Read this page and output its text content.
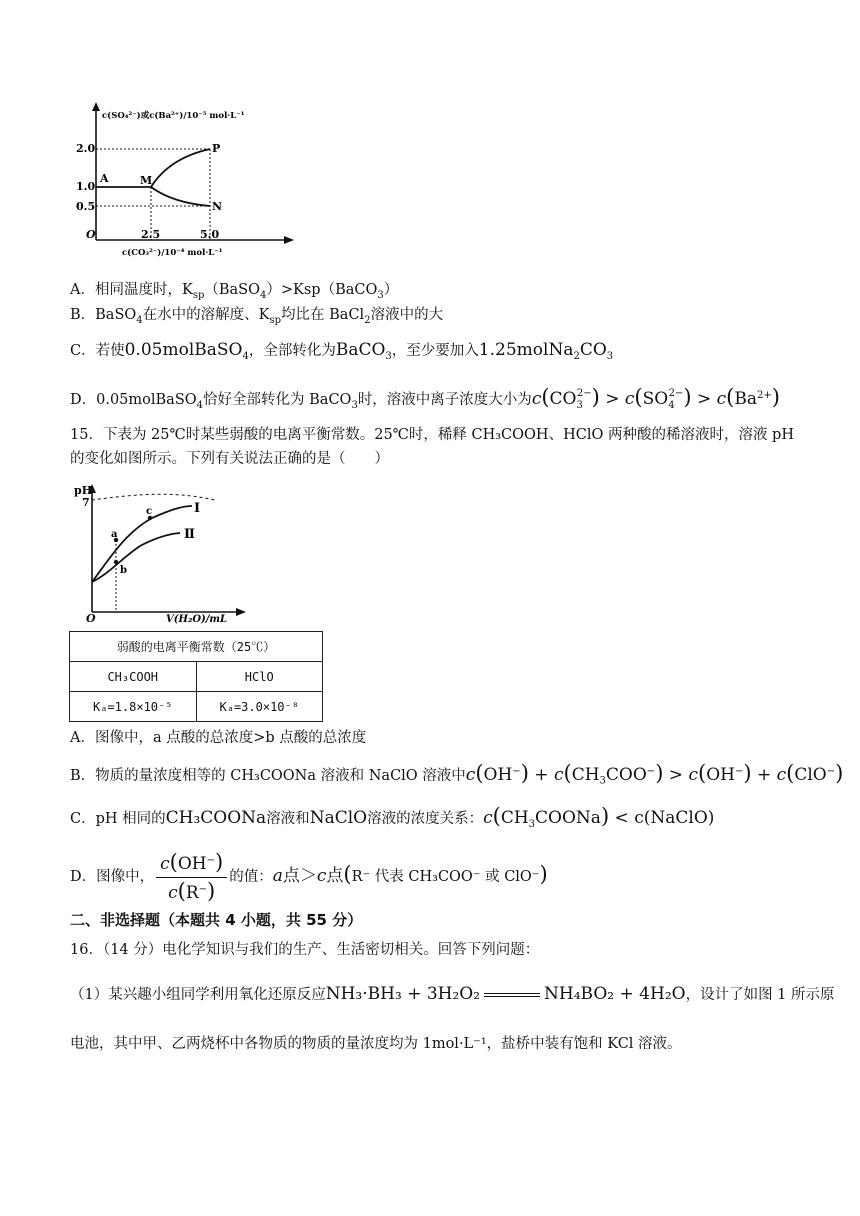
c(SO₄²⁻)或c(Ba²⁺)/10⁻⁵ mol·L⁻¹
2.0
1.0
0.5
2.5	5.0
O
A	M
P
N
c(CO₃²⁻)/10⁻⁴ mol·L⁻¹
A．相同温度时，$K_{sp}(BaSO_4)>Ksp(BaCO_3)$
B．BaSO$_4$在水中的溶解度、$K_{sp}$均比在 BaCl$_2$溶液中的大
C．若使0.05molBaSO$_4$，全部转化为BaCO$_3$，至少要加入$1.25molNa_2CO_3$
D．0.05molBaSO$_4$恰好全部转化为 BaCO$_3$时，溶液中离子浓度大小为$c(CO_3^{2-}) > c(SO_4^{2-}) > c(Ba^{2+})$
15．下表为 25℃时某些弱酸的电离平衡常数。25℃时，稀释 CH₃COOH、HClO 两种酸的稀溶液时，溶液 pH
的变化如图所示。下列有关说法正确的是（　　）
pH
7
a
b
c	Ⅰ
Ⅱ
O	V(H₂O)/mL
弱酸的电离平衡常数（25℃）	
CH₃COOH	HClO
Kₐ=1.8×10⁻⁵	Kₐ=3.0×10⁻⁸
A．图像中，a 点酸的总浓度>b 点酸的总浓度
B．物质的量浓度相等的 CH₃COONa 溶液和 NaClO 溶液中$c(OH^-) + c(CH_3COO^-) > c(OH^-) + c(ClO^-)$
C．pH 相同的CH₃COONa溶液和NaClO溶液的浓度关系：$c(CH_3COONa)$ < c(NaClO)
D．图像中， $\frac{c(OH^-)}{c(R^-)}$ 的值：a点＞c点(R⁻ 代表 CH₃COO⁻ 或 ClO⁻)
二、非选择题（本题共 4 小题，共 55 分）
16．（14 分）电化学知识与我们的生产、生活密切相关。回答下列问题：
（1）某兴趣小组同学利用氧化还原反应NH₃·BH₃ + 3H₂O₂	NH₄BO₂ + 4H₂O，设计了如图 1 所示原
电池，其中甲、乙两烧杯中各物质的物质的量浓度均为 1mol·L⁻¹，盐桥中装有饱和 KCl 溶液。
